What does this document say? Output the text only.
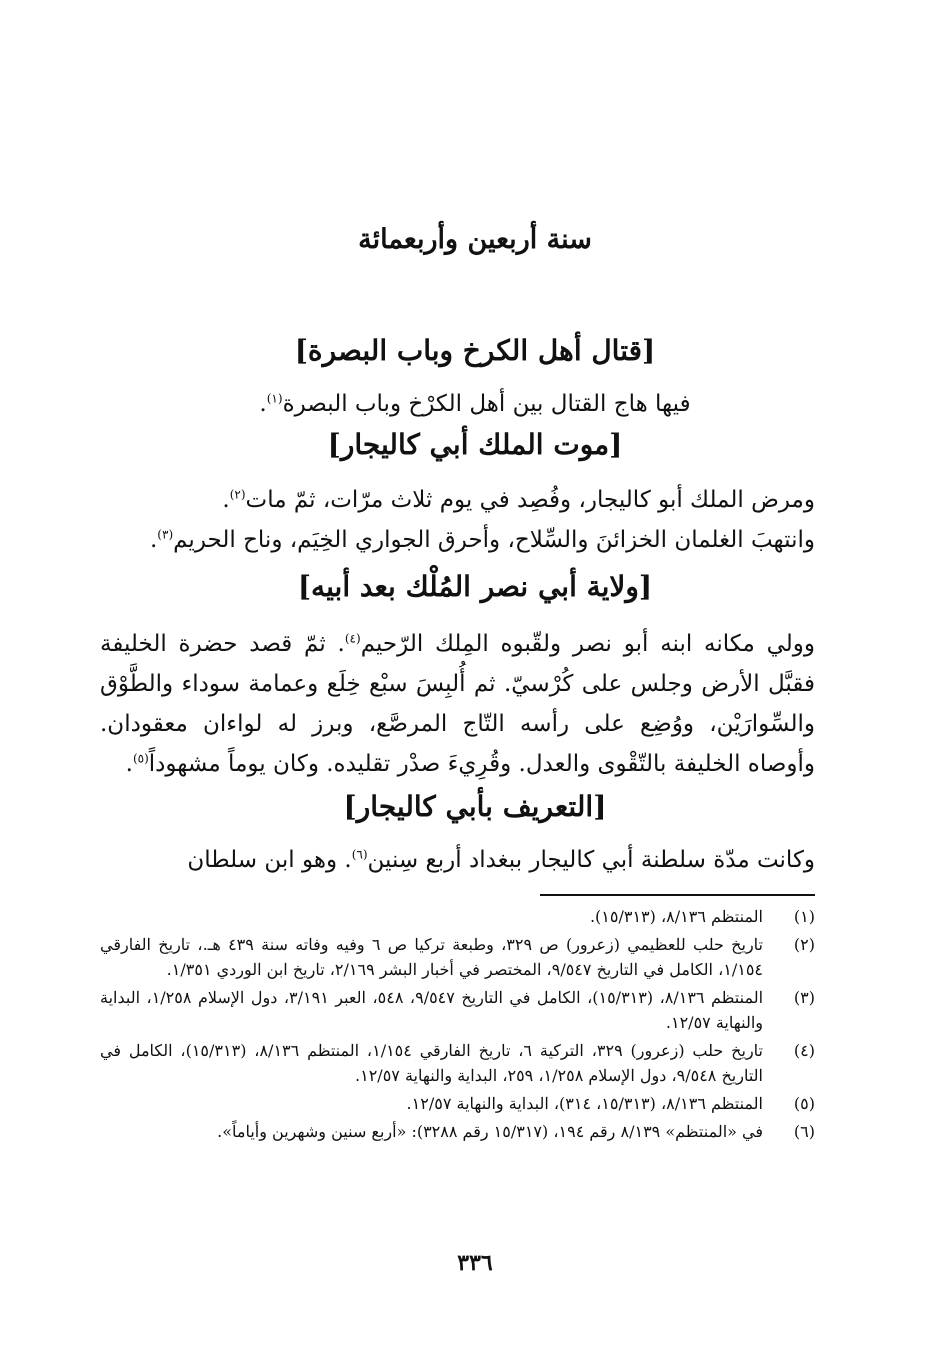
سنة أربعين وأربعمائة
[قتال أهل الكرخ وباب البصرة]
فيها هاج القتال بين أهل الكرْخ وباب البصرة$^{(١)}$.
[موت الملك أبي كاليجار]
ومرض الملك أبو كاليجار، وفُصِد في يوم ثلاث مرّات، ثمّ مات$^{(٢)}$.
وانتهبَ الغلمان الخزائنَ والسِّلاح، وأحرق الجواري الخِيَم، وناح الحريم$^{(٣)}$.
[ولاية أبي نصر المُلْك بعد أبيه]
وولي مكانه ابنه أبو نصر ولقّبوه المِلك الرّحيم$^{(٤)}$. ثمّ قصد حضرة الخليفة فقبَّل الأرض وجلس على كُرْسيّ. ثم أُلبِسَ سبْع خِلَع وعمامة سوداء والطَّوْق والسِّوارَيْن، ووُضِع على رأسه التّاج المرصَّع، وبرز له لواءان معقودان. وأوصاه الخليفة بالتّقْوى والعدل. وقُرِيءَ صدْر تقليده. وكان يوماً مشهوداً$^{(٥)}$.
[التعريف بأبي كاليجار]
وكانت مدّة سلطنة أبي كاليجار ببغداد أربع سِنين$^{(٦)}$. وهو ابن سلطان
(١)
المنتظم ٨/١٣٦، (١٥/٣١٣).
(٢)
تاريخ حلب للعظيمي (زعرور) ص ٣٢٩، وطبعة تركيا ص ٦ وفيه وفاته سنة ٤٣٩ هـ.، تاريخ الفارقي ١/١٥٤، الكامل في التاريخ ٩/٥٤٧، المختصر في أخبار البشر ٢/١٦٩، تاريخ ابن الوردي ١/٣٥١.
(٣)
المنتظم ٨/١٣٦، (١٥/٣١٣)، الكامل في التاريخ ٩/٥٤٧، ٥٤٨، العبر ٣/١٩١، دول الإسلام ١/٢٥٨، البداية والنهاية ١٢/٥٧.
(٤)
تاريخ حلب (زعرور) ٣٢٩، التركية ٦، تاريخ الفارقي ١/١٥٤، المنتظم ٨/١٣٦، (١٥/٣١٣)، الكامل في التاريخ ٩/٥٤٨، دول الإسلام ١/٢٥٨، ٢٥٩، البداية والنهاية ١٢/٥٧.
(٥)
المنتظم ٨/١٣٦، (١٥/٣١٣، ٣١٤)، البداية والنهاية ١٢/٥٧.
(٦)
في «المنتظم» ٨/١٣٩ رقم ١٩٤، (١٥/٣١٧ رقم ٣٢٨٨): «أربع سنين وشهرين وأياماً».
٣٣٦
